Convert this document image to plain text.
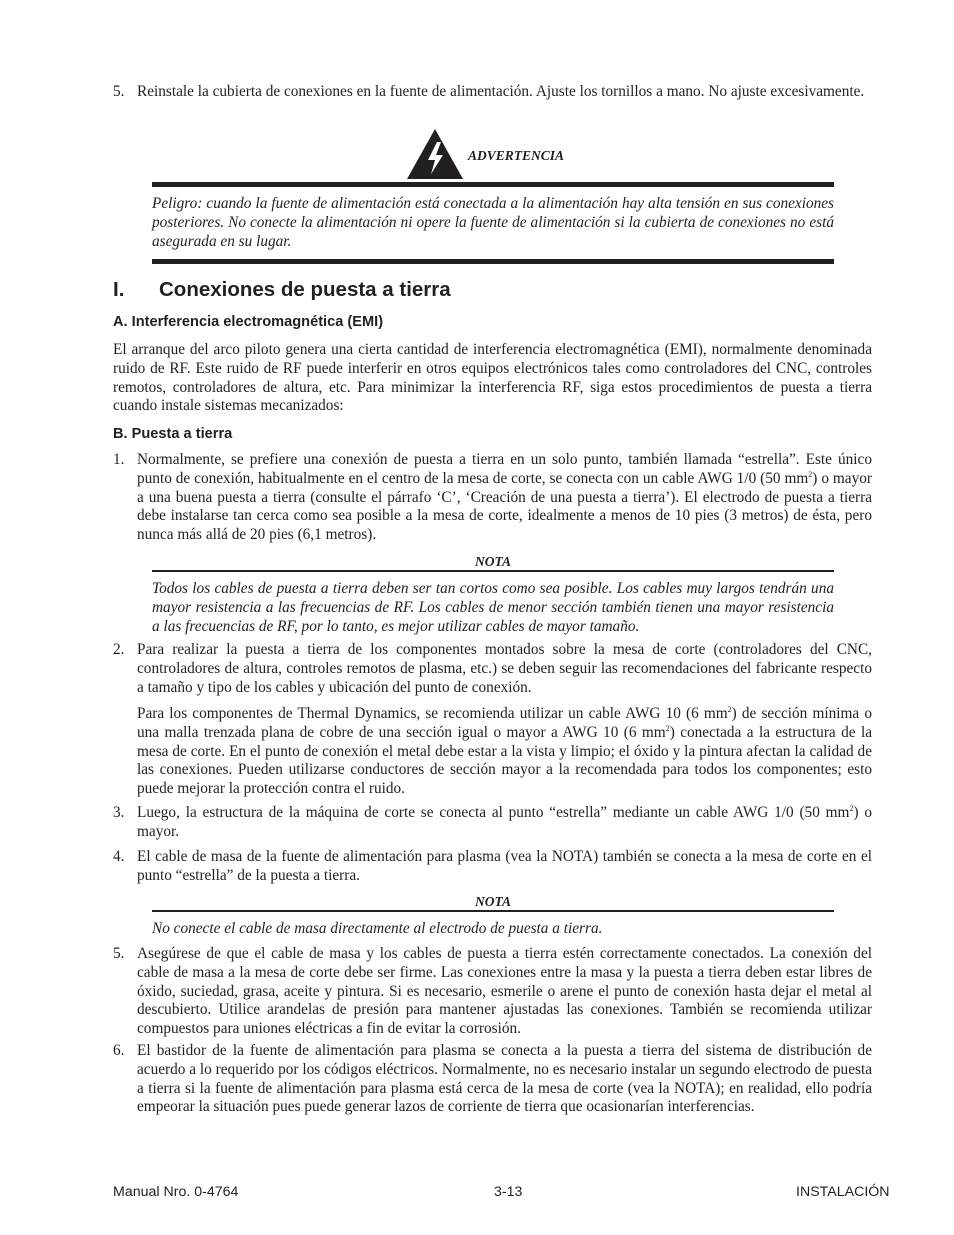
5. Reinstale la cubierta de conexiones en la fuente de alimentación. Ajuste los tornillos a mano. No ajuste excesivamente.
ADVERTENCIA
Peligro: cuando la fuente de alimentación está conectada a la alimentación hay alta tensión en sus conexiones posteriores. No conecte la alimentación ni opere la fuente de alimentación si la cubierta de conexiones no está asegurada en su lugar.
I. Conexiones de puesta a tierra
A. Interferencia electromagnética (EMI)
El arranque del arco piloto genera una cierta cantidad de interferencia electromagnética (EMI), normalmente denominada ruido de RF. Este ruido de RF puede interferir en otros equipos electrónicos tales como controladores del CNC, controles remotos, controladores de altura, etc. Para minimizar la interferencia RF, siga estos procedimientos de puesta a tierra cuando instale sistemas mecanizados:
B. Puesta a tierra
1. Normalmente, se prefiere una conexión de puesta a tierra en un solo punto, también llamada “estrella”. Este único punto de conexión, habitualmente en el centro de la mesa de corte, se conecta con un cable AWG 1/0 (50 $mm^2$) o mayor a una buena puesta a tierra (consulte el párrafo ‘C’, ‘Creación de una puesta a tierra’). El electrodo de puesta a tierra debe instalarse tan cerca como sea posible a la mesa de corte, idealmente a menos de 10 pies (3 metros) de ésta, pero nunca más allá de 20 pies (6,1 metros).
NOTA
Todos los cables de puesta a tierra deben ser tan cortos como sea posible. Los cables muy largos tendrán una mayor resistencia a las frecuencias de RF. Los cables de menor sección también tienen una mayor resistencia a las frecuencias de RF, por lo tanto, es mejor utilizar cables de mayor tamaño.
2. Para realizar la puesta a tierra de los componentes montados sobre la mesa de corte (controladores del CNC, controladores de altura, controles remotos de plasma, etc.) se deben seguir las recomendaciones del fabricante respecto a tamaño y tipo de los cables y ubicación del punto de conexión.
Para los componentes de Thermal Dynamics, se recomienda utilizar un cable AWG 10 (6 $mm^2$) de sección mínima o una malla trenzada plana de cobre de una sección igual o mayor a AWG 10 (6 $mm^2$) conectada a la estructura de la mesa de corte. En el punto de conexión el metal debe estar a la vista y limpio; el óxido y la pintura afectan la calidad de las conexiones. Pueden utilizarse conductores de sección mayor a la recomendada para todos los componentes; esto puede mejorar la protección contra el ruido.
3. Luego, la estructura de la máquina de corte se conecta al punto “estrella” mediante un cable AWG 1/0 (50 $mm^2$) o mayor.
4. El cable de masa de la fuente de alimentación para plasma (vea la NOTA) también se conecta a la mesa de corte en el punto “estrella” de la puesta a tierra.
NOTA
No conecte el cable de masa directamente al electrodo de puesta a tierra.
5. Asegúrese de que el cable de masa y los cables de puesta a tierra estén correctamente conectados. La conexión del cable de masa a la mesa de corte debe ser firme. Las conexiones entre la masa y la puesta a tierra deben estar libres de óxido, suciedad, grasa, aceite y pintura. Si es necesario, esmerile o arene el punto de conexión hasta dejar el metal al descubierto. Utilice arandelas de presión para mantener ajustadas las conexiones. También se recomienda utilizar compuestos para uniones eléctricas a fin de evitar la corrosión.
6. El bastidor de la fuente de alimentación para plasma se conecta a la puesta a tierra del sistema de distribución de acuerdo a lo requerido por los códigos eléctricos. Normalmente, no es necesario instalar un segundo electrodo de puesta a tierra si la fuente de alimentación para plasma está cerca de la mesa de corte (vea la NOTA); en realidad, ello podría empeorar la situación pues puede generar lazos de corriente de tierra que ocasionarían interferencias.
Manual Nro. 0-4764	3-13	INSTALACIÓN
